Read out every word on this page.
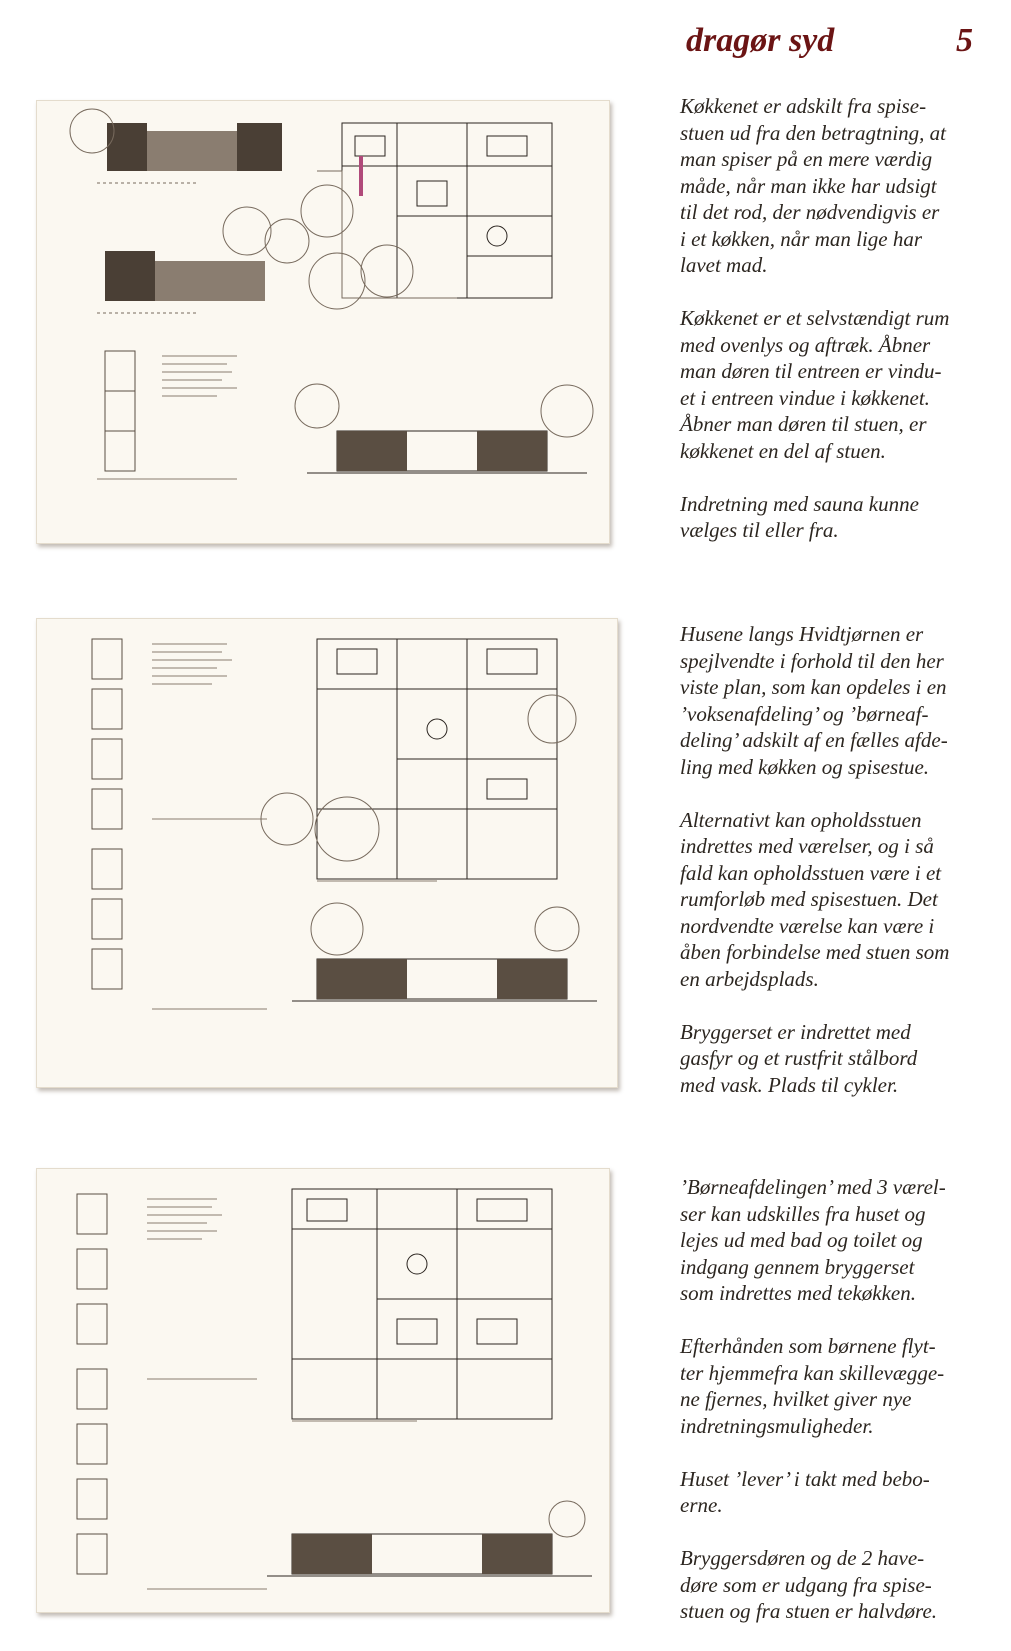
dragør syd	5

Køkkenet er adskilt fra spise-
stuen ud fra den betragtning, at
man spiser på en mere værdig
måde, når man ikke har udsigt
til det rod, der nødvendigvis er
i et køkken, når man lige har
lavet mad.

Køkkenet er et selvstændigt rum
med ovenlys og aftræk. Åbner
man døren til entreen er vindu-
et i entreen vindue i køkkenet.
Åbner man døren til stuen, er
køkkenet en del af stuen.

Indretning med sauna kunne
vælges til eller fra.

Husene langs Hvidtjørnen er
spejlvendte i forhold til den her
viste plan, som kan opdeles i en
’voksenafdeling’ og ’børneaf-
deling’ adskilt af en fælles afde-
ling med køkken og spisestue.

Alternativt kan opholdsstuen
indrettes med værelser, og i så
fald kan opholdsstuen være i et
rumforløb med spisestuen. Det
nordvendte værelse kan være i
åben forbindelse med stuen som
en arbejdsplads.

Bryggerset er indrettet med
gasfyr og et rustfrit stålbord
med vask. Plads til cykler.

’Børneafdelingen’ med 3 værel-
ser kan udskilles fra huset og
lejes ud med bad og toilet og
indgang gennem bryggerset
som indrettes med tekøkken.

Efterhånden som børnene flyt-
ter hjemmefra kan skillevægge-
ne fjernes, hvilket giver nye
indretningsmuligheder.

Huset ’lever’ i takt med bebo-
erne.

Bryggersdøren og de 2 have-
døre som er udgang fra spise-
stuen og fra stuen er halvdøre.
